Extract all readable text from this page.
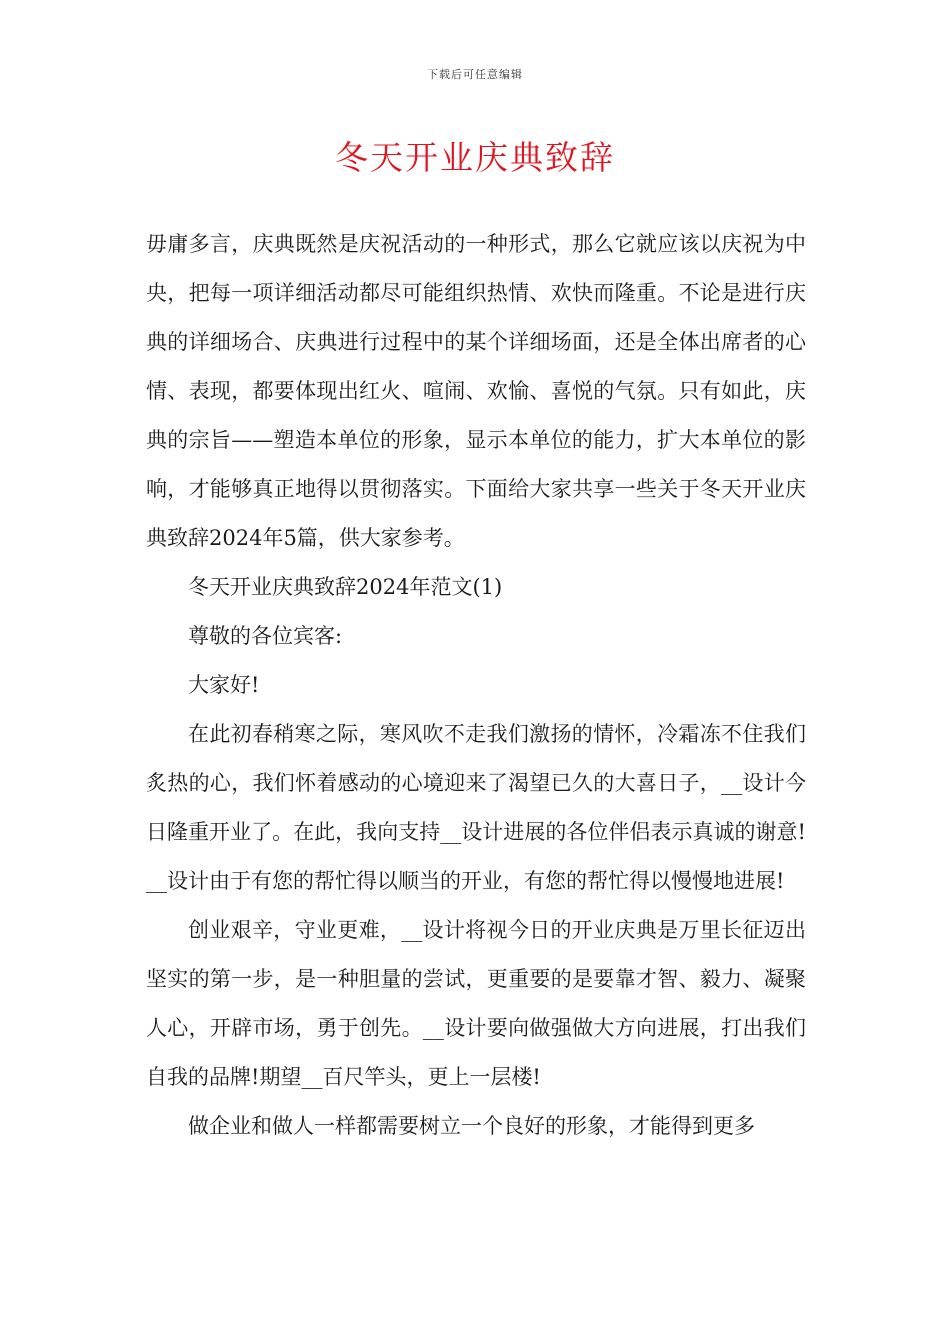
下载后可任意编辑
冬天开业庆典致辞

毋庸多言，庆典既然是庆祝活动的一种形式，那么它就应该以庆祝为中央，把每一项详细活动都尽可能组织热情、欢快而隆重。不论是进行庆典的详细场合、庆典进行过程中的某个详细场面，还是全体出席者的心情、表现，都要体现出红火、喧闹、欢愉、喜悦的气氛。只有如此，庆典的宗旨——塑造本单位的形象，显示本单位的能力，扩大本单位的影响，才能够真正地得以贯彻落实。下面给大家共享一些关于冬天开业庆典致辞2024年5篇，供大家参考。

冬天开业庆典致辞2024年范文(1)

尊敬的各位宾客:

大家好!

在此初春稍寒之际，寒风吹不走我们激扬的情怀，冷霜冻不住我们炙热的心，我们怀着感动的心境迎来了渴望已久的大喜日子，__设计今日隆重开业了。在此，我向支持__设计进展的各位伴侣表示真诚的谢意!__设计由于有您的帮忙得以顺当的开业，有您的帮忙得以慢慢地进展!

创业艰辛，守业更难，__设计将视今日的开业庆典是万里长征迈出坚实的第一步，是一种胆量的尝试，更重要的是要靠才智、毅力、凝聚人心，开辟市场，勇于创先。__设计要向做强做大方向进展，打出我们自我的品牌!期望__百尺竿头，更上一层楼!

做企业和做人一样都需要树立一个良好的形象，才能得到更多
